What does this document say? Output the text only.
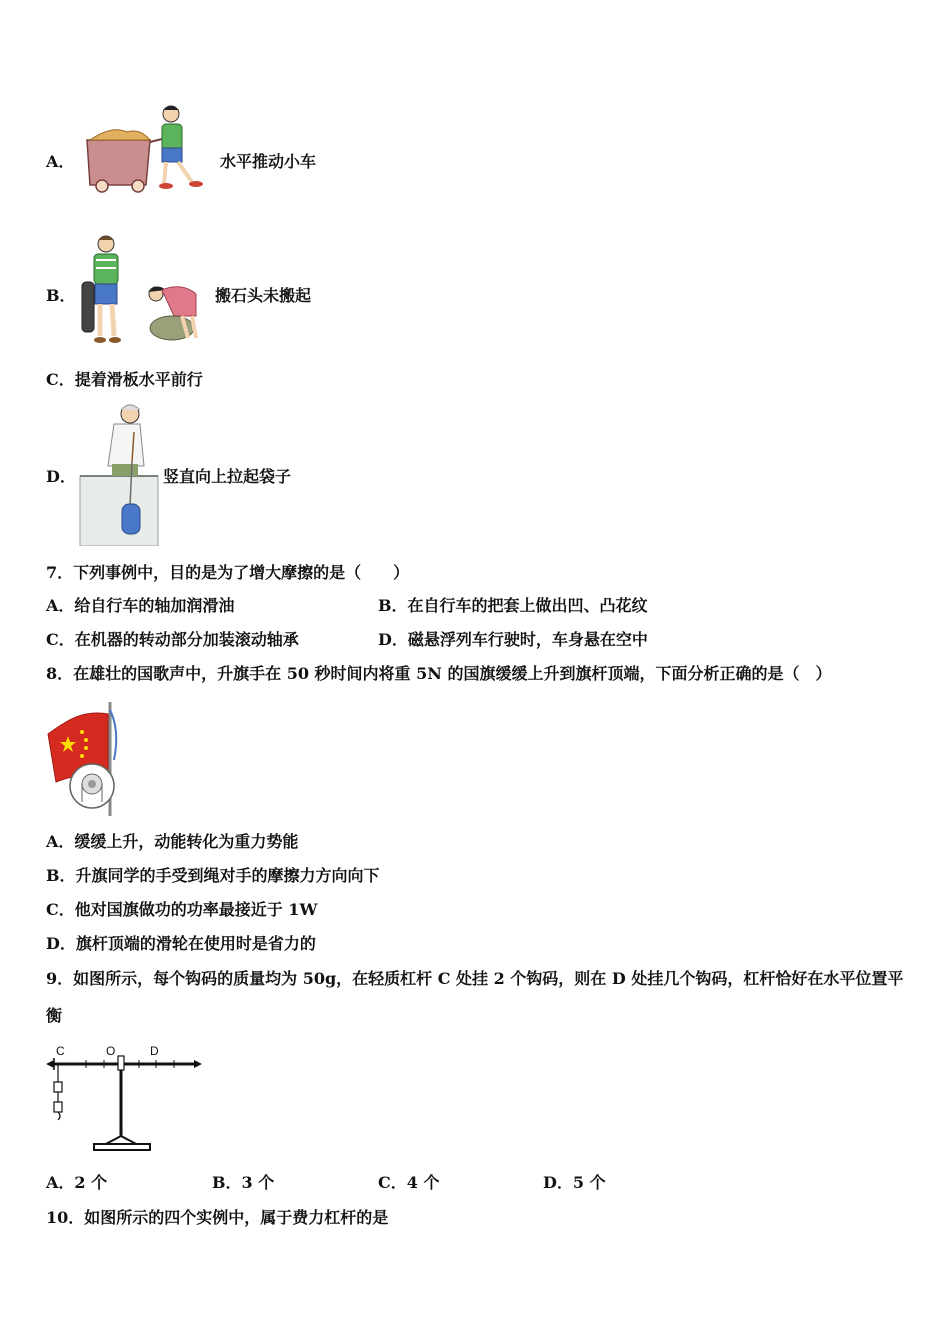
A．	水平推动小车
B．	搬石头未搬起
C．提着滑板水平前行
D．	竖直向上拉起袋子
7．下列事例中，目的是为了增大摩擦的是（　　）
A．给自行车的轴加润滑油	B．在自行车的把套上做出凹、凸花纹
C．在机器的转动部分加装滚动轴承	D．磁悬浮列车行驶时，车身悬在空中
8．在雄壮的国歌声中，升旗手在 50 秒时间内将重 5N 的国旗缓缓上升到旗杆顶端，下面分析正确的是（　）
A．缓缓上升，动能转化为重力势能
B．升旗同学的手受到绳对手的摩擦力方向向下
C．他对国旗做功的功率最接近于 1W
D．旗杆顶端的滑轮在使用时是省力的
9．如图所示，每个钩码的质量均为 50g，在轻质杠杆 C 处挂 2 个钩码，则在 D 处挂几个钩码，杠杆恰好在水平位置平
衡
C	O	D
A．2 个	B．3 个	C．4 个	D．5 个
10．如图所示的四个实例中，属于费力杠杆的是
